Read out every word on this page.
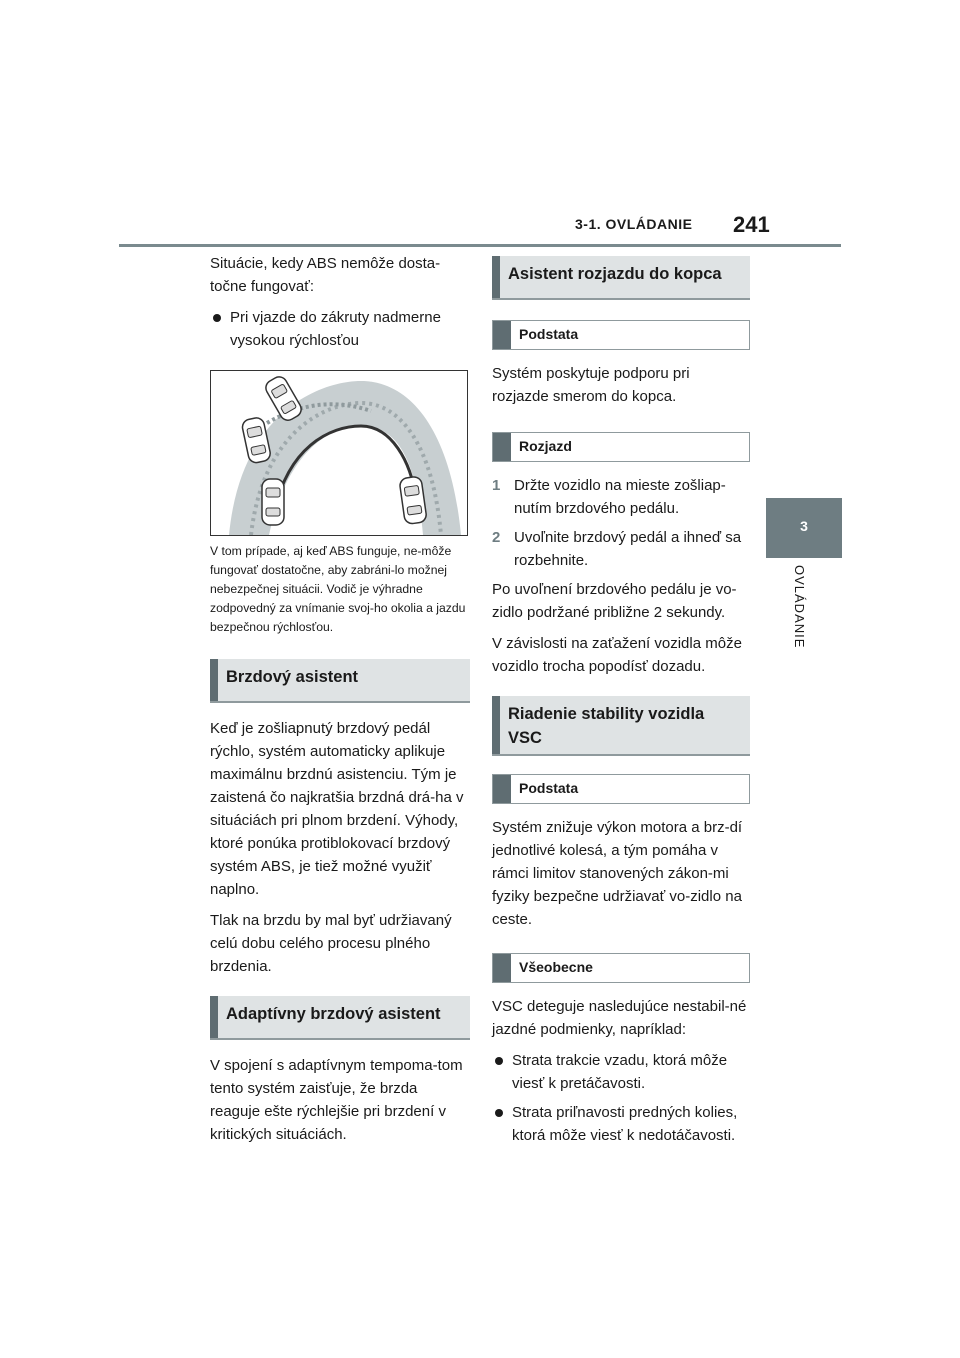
3-1. OVLÁDANIE 241
3
OVLÁDANIE

Situácie, kedy ABS nemôže dosta-točne fungovať:

Pri vjazde do zákruty nadmerne vysokou rýchlosťou
V tom prípade, aj keď ABS funguje, ne-môže fungovať dostatočne, aby zabráni-lo možnej nebezpečnej situácii. Vodič je výhradne zodpovedný za vnímanie svoj-ho okolia a jazdu bezpečnou rýchlosťou.
Brzdový asistent

Keď je zošliapnutý brzdový pedál rýchlo, systém automaticky aplikuje maximálnu brzdnú asistenciu. Tým je zaistená čo najkratšia brzdná drá-ha v situáciách pri plnom brzdení. Výhody, ktoré ponúka protiblokovací brzdový systém ABS, je tiež možné využiť naplno.

Tlak na brzdu by mal byť udržiavaný celú dobu celého procesu plného brzdenia.

Adaptívny brzdový asistent

V spojení s adaptívnym tempoma-tom tento systém zaisťuje, že brzda reaguje ešte rýchlejšie pri brzdení v kritických situáciách.

Asistent rozjazdu do kopca
Podstata

Systém poskytuje podporu pri rozjazde smerom do kopca.

Rozjazd
1 Držte vozidlo na mieste zošliap-nutím brzdového pedálu.
2 Uvoľnite brzdový pedál a ihneď sa rozbehnite.

Po uvoľnení brzdového pedálu je vo-zidlo podržané približne 2 sekundy.

V závislosti na zaťažení vozidla môže vozidlo trocha popodísť dozadu.

Riadenie stability vozidla VSC
Podstata

Systém znižuje výkon motora a brz-dí jednotlivé kolesá, a tým pomáha v rámci limitov stanovených zákon-mi fyziky bezpečne udržiavať vo-zidlo na ceste.

Všeobecne

VSC deteguje nasledujúce nestabil-né jazdné podmienky, napríklad:

Strata trakcie vzadu, ktorá môže viesť k pretáčavosti.
Strata priľnavosti predných kolies, ktorá môže viesť k nedotáčavosti.
